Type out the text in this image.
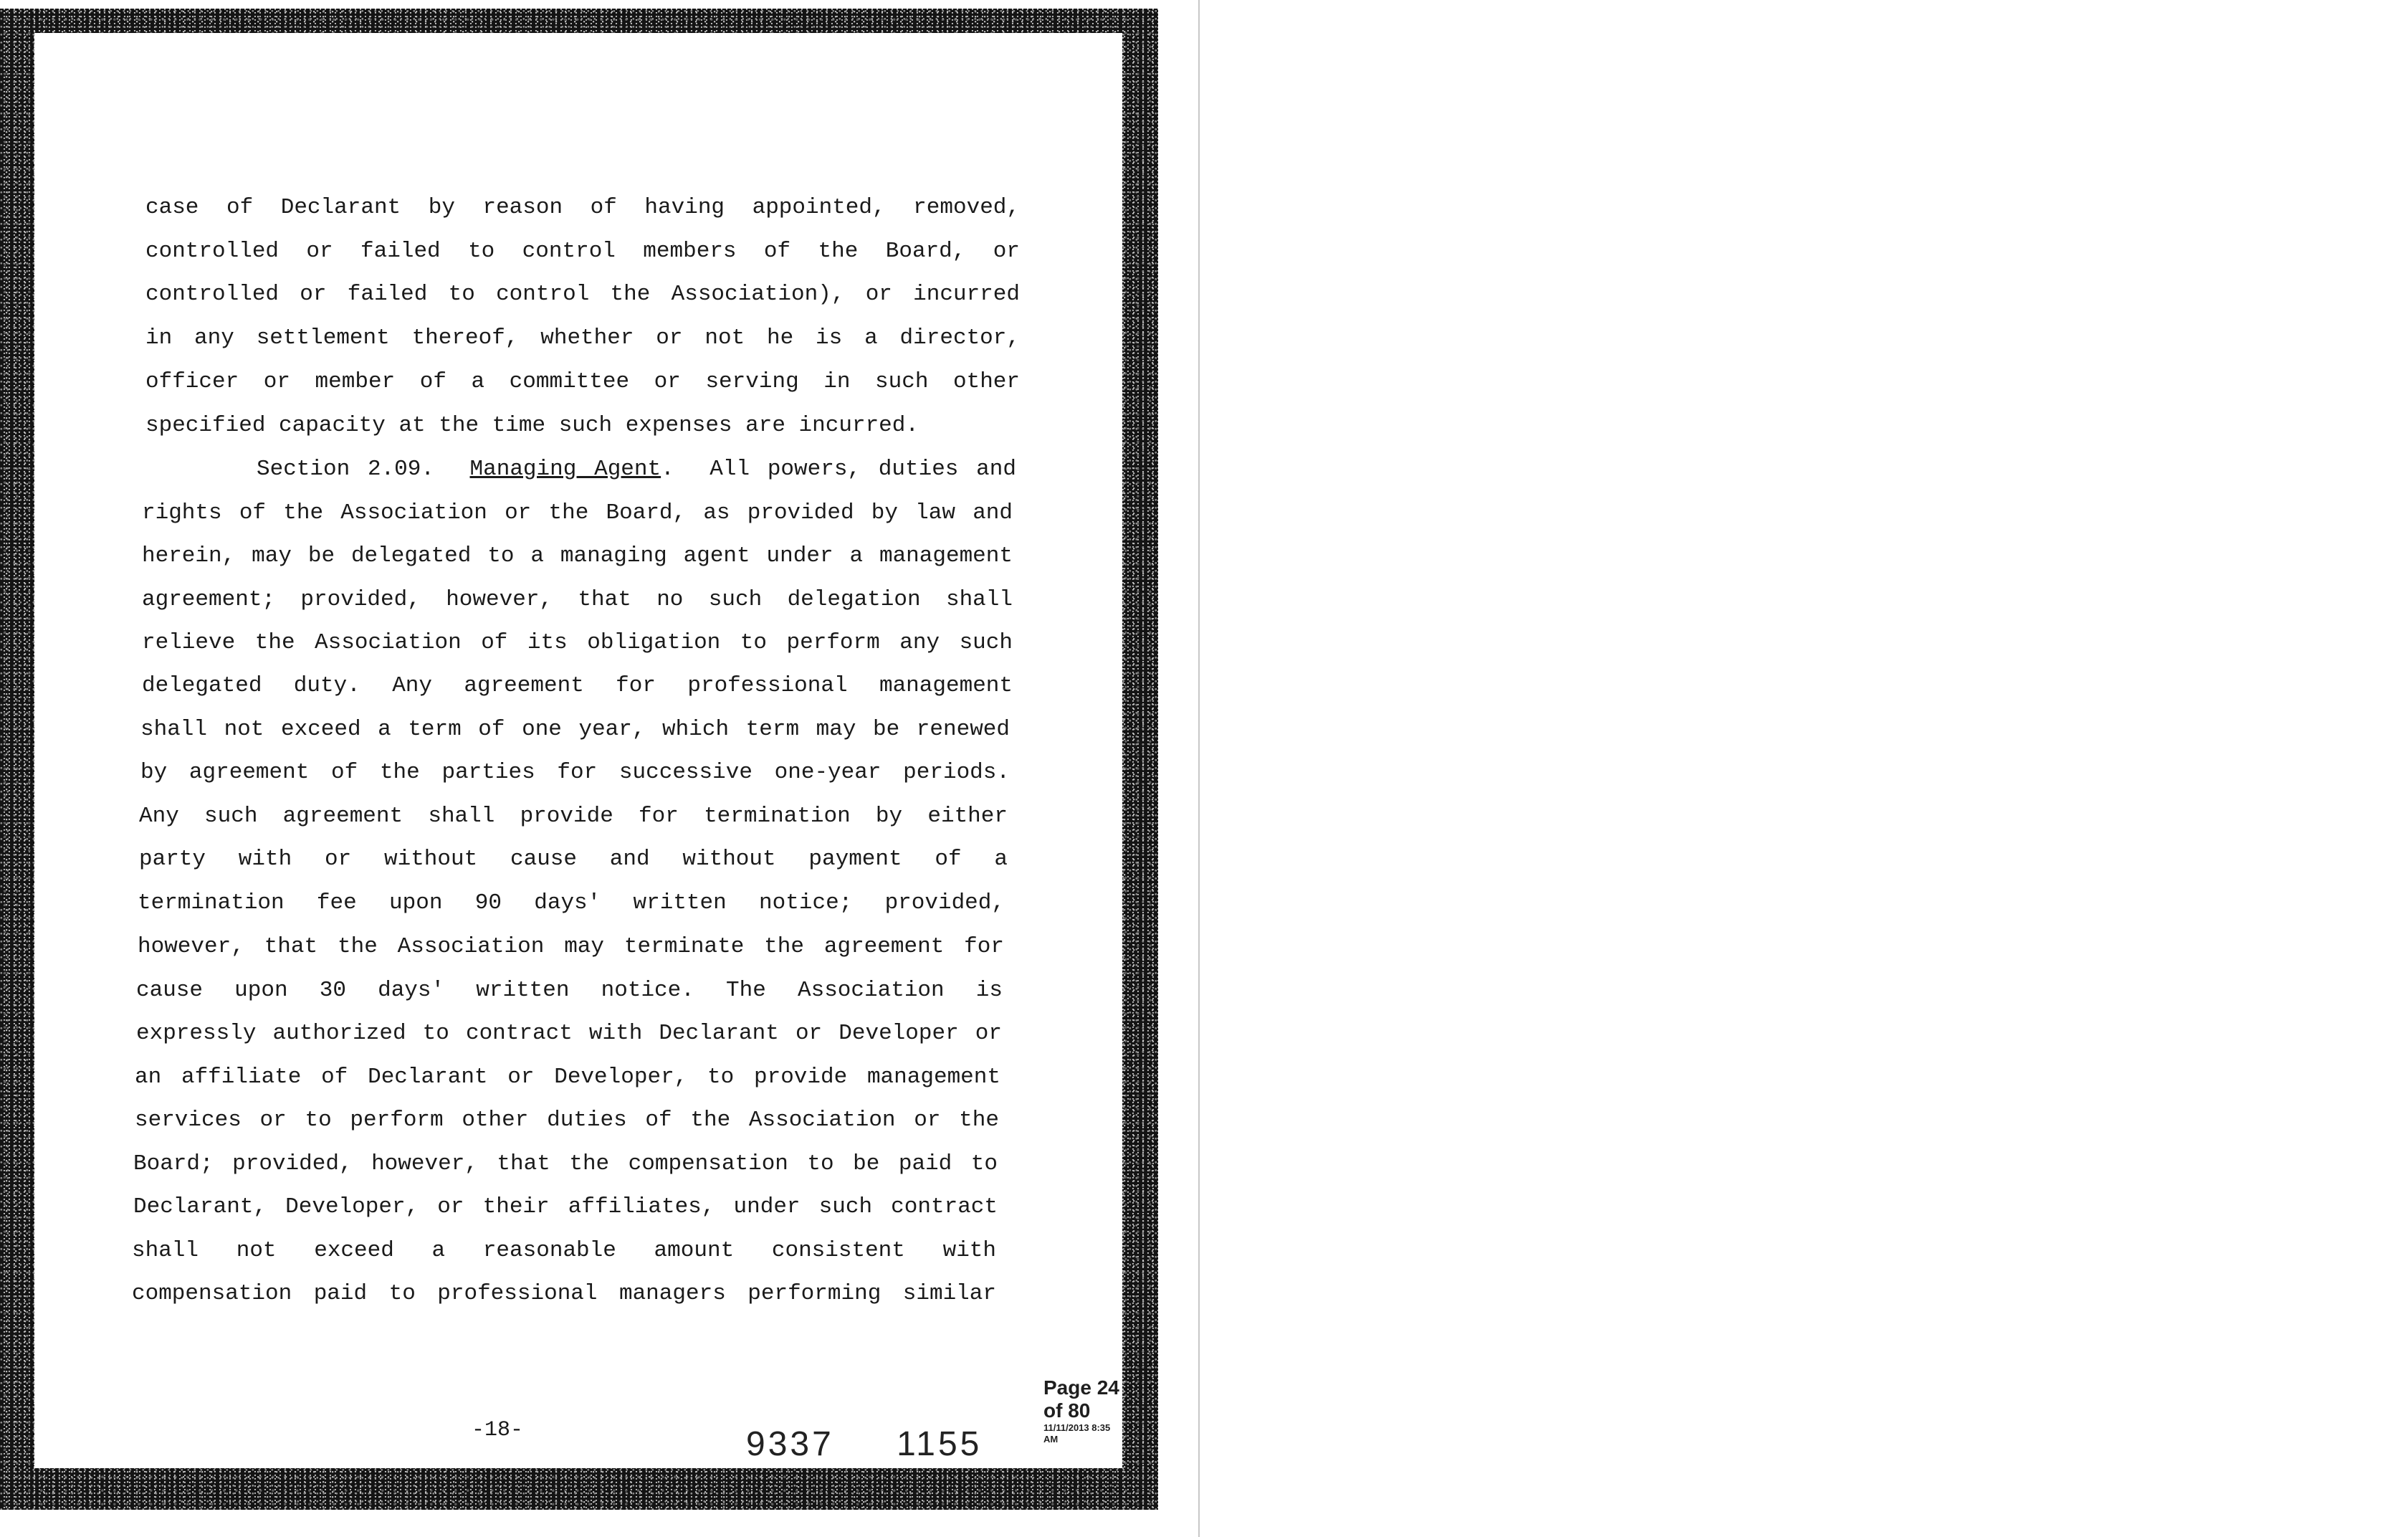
case of Declarant by reason of having appointed, removed,
controlled or failed to control members of the Board, or
controlled or failed to control the Association), or incurred
in any settlement thereof, whether or not he is a director,
officer or member of a committee or serving in such other
specified capacity at the time such expenses are incurred.
Section 2.09. Managing Agent. All powers, duties and
rights of the Association or the Board, as provided by law and
herein, may be delegated to a managing agent under a management
agreement; provided, however, that no such delegation shall
relieve the Association of its obligation to perform any such
delegated duty. Any agreement for professional management
shall not exceed a term of one year, which term may be renewed
by agreement of the parties for successive one-year periods.
Any such agreement shall provide for termination by either
party with or without cause and without payment of a
termination fee upon 90 days' written notice; provided,
however, that the Association may terminate the agreement for
cause upon 30 days' written notice. The Association is
expressly authorized to contract with Declarant or Developer or
an affiliate of Declarant or Developer, to provide management
services or to perform other duties of the Association or the
Board; provided, however, that the compensation to be paid to
Declarant, Developer, or their affiliates, under such contract
shall not exceed a reasonable amount consistent with
compensation paid to professional managers performing similar
-18-	9337 1155
Page 24 of 80
11/11/2013 8:35 AM
